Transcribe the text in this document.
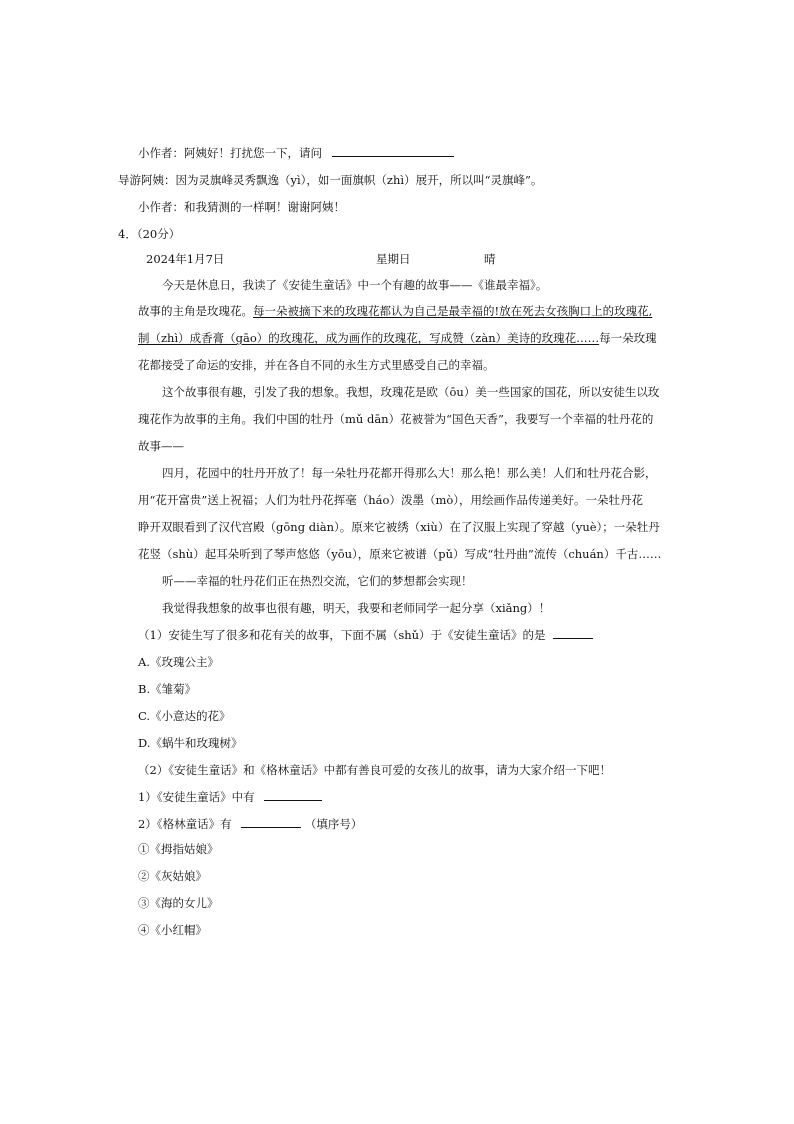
小作者：阿姨好！打扰您一下，请问
导游阿姨：因为灵旗峰灵秀飘逸（yì），如一面旗帜（zhì）展开，所以叫“灵旗峰”。
小作者：和我猜测的一样啊！谢谢阿姨！
4．（20分）
2024年1月7日	星期日	晴
今天是休息日，我读了《安徒生童话》中一个有趣的故事——《谁最幸福》。
故事的主角是玫瑰花。每一朵被摘下来的玫瑰花都认为自己是最幸福的!放在死去女孩胸口上的玫瑰花,
制（zhì）成香膏（gāo）的玫瑰花，成为画作的玫瑰花，写成赞（zàn）美诗的玫瑰花……每一朵玫瑰
花都接受了命运的安排，并在各自不同的永生方式里感受自己的幸福。
这个故事很有趣，引发了我的想象。我想，玫瑰花是欧（ōu）美一些国家的国花，所以安徒生以玫
瑰花作为故事的主角。我们中国的牡丹（mǔ dān）花被誉为“国色天香”，我要写一个幸福的牡丹花的
故事——
四月，花园中的牡丹开放了！每一朵牡丹花都开得那么大！那么艳！那么美！人们和牡丹花合影，
用“花开富贵”送上祝福；人们为牡丹花挥毫（háo）泼墨（mò），用绘画作品传递美好。一朵牡丹花
睁开双眼看到了汉代宫殿（gōng diàn）。原来它被绣（xiù）在了汉服上实现了穿越（yuè）；一朵牡丹
花竖（shù）起耳朵听到了琴声悠悠（yōu），原来它被谱（pǔ）写成“牡丹曲”流传（chuán）千古……
听——幸福的牡丹花们正在热烈交流，它们的梦想都会实现！
我觉得我想象的故事也很有趣，明天，我要和老师同学一起分享（xiǎng）！
（1）安徒生写了很多和花有关的故事，下面不属（shǔ）于《安徒生童话》的是
A.《玫瑰公主》
B.《雏菊》
C.《小意达的花》
D.《蜗牛和玫瑰树》
（2）《安徒生童话》和《格林童话》中都有善良可爱的女孩儿的故事，请为大家介绍一下吧！
1）《安徒生童话》中有
2）《格林童话》有	（填序号）
①《拇指姑娘》
②《灰姑娘》
③《海的女儿》
④《小红帽》
